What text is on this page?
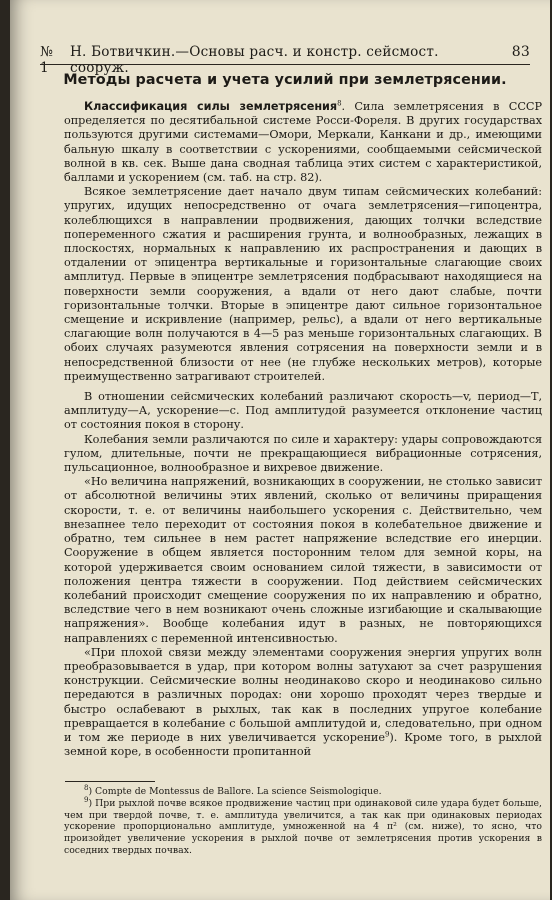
№ 1
Н. Ботвичкин.—Основы расч. и констр. сейсмост. сооруж.
83
Методы расчета и учета усилий при землетрясении.

Классификация силы землетрясения$^8$. Сила землетрясения в СССР определяется по десятибальной системе Росси-Фореля. В других государствах пользуются другими системами—Омори, Меркали, Канкани и др., имеющими бальную шкалу в соответствии с ускорениями, сообщаемыми сейсмической волной в кв. сек. Выше дана сводная таблица этих систем с характеристикой, баллами и ускорением (см. таб. на стр. 82).

Всякое землетрясение дает начало двум типам сейсмических колебаний: упругих, идущих непосредственно от очага землетрясения—гипоцентра, колеблющихся в направлении продвижения, дающих толчки вследствие попеременного сжатия и расширения грунта, и волнообразных, лежащих в плоскостях, нормальных к направлению их распространения и дающих в отдалении от эпицентра вертикальные и горизонтальные слагающие своих амплитуд. Первые в эпицентре землетрясения подбрасывают находящиеся на поверхности земли сооружения, а вдали от него дают слабые, почти горизонтальные толчки. Вторые в эпицентре дают сильное горизонтальное смещение и искривление (например, рельс), а вдали от него вертикальные слагающие волн получаются в 4—5 раз меньше горизонтальных слагающих. В обоих случаях разумеются явления сотрясения на поверхности земли и в непосредственной близости от нее (не глубже нескольких метров), которые преимущественно затрагивают строителей.

В отношении сейсмических колебаний различают скорость—v, период—Т, амплитуду—А, ускорение—с. Под амплитудой разумеется отклонение частиц от состояния покоя в сторону.

Колебания земли различаются по силе и характеру: удары сопровождаются гулом, длительные, почти не прекращающиеся вибрационные сотрясения, пульсационное, волнообразное и вихревое движение.

«Но величина напряжений, возникающих в сооружении, не столько зависит от абсолютной величины этих явлений, сколько от величины приращения скорости, т. е. от величины наибольшего ускорения с. Действительно, чем внезапнее тело переходит от состояния покоя в колебательное движение и обратно, тем сильнее в нем растет напряжение вследствие его инерции. Сооружение в общем является посторонним телом для земной коры, на которой удерживается своим основанием силой тяжести, в зависимости от положения центра тяжести в сооружении. Под действием сейсмических колебаний происходит смещение сооружения по их направлению и обратно, вследствие чего в нем возникают очень сложные изгибающие и скалывающие напряжения». Вообще колебания идут в разных, не повторяющихся направлениях с переменной интенсивностью.

«При плохой связи между элементами сооружения энергия упругих волн преобразовывается в удар, при котором волны затухают за счет разрушения конструкции. Сейсмические волны неодинаково скоро и неодинаково сильно передаются в различных породах: они хорошо проходят через твердые и быстро ослабевают в рыхлых, так как в последних упругое колебание превращается в колебание с большой амплитудой и, следовательно, при одном и том же периоде в них увеличивается ускорение$^9$). Кроме того, в рыхлой земной коре, в особенности пропитанной

$^8$) Compte de Montessus de Ballore. La science Seismologique.

$^9$) При рыхлой почве всякое продвижение частиц при одинаковой силе удара будет больше, чем при твердой почве, т. е. амплитуда увеличится, а так как при одинаковых периодах ускорение пропорционально амплитуде, умноженной на 4 π² (см. ниже), то ясно, что произойдет увеличение ускорения в рыхлой почве от землетрясения против ускорения в соседних твердых почвах.
